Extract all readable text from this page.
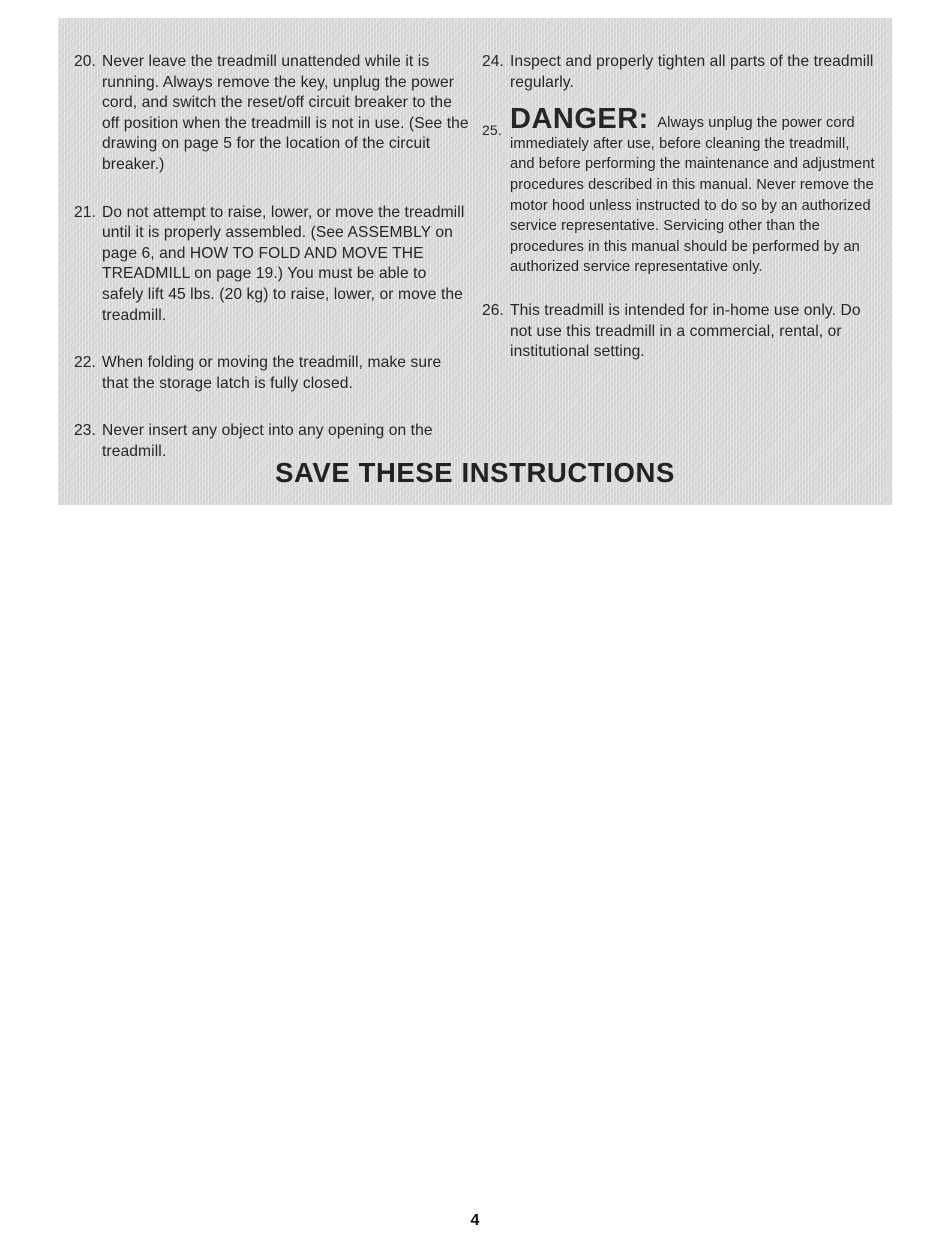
20. Never leave the treadmill unattended while it is running. Always remove the key, unplug the power cord, and switch the reset/off circuit breaker to the off position when the treadmill is not in use. (See the drawing on page 5 for the location of the circuit breaker.)
21. Do not attempt to raise, lower, or move the treadmill until it is properly assembled. (See ASSEMBLY on page 6, and HOW TO FOLD AND MOVE THE TREADMILL on page 19.) You must be able to safely lift 45 lbs. (20 kg) to raise, lower, or move the treadmill.
22. When folding or moving the treadmill, make sure that the storage latch is fully closed.
23. Never insert any object into any opening on the treadmill.
24. Inspect and properly tighten all parts of the treadmill regularly.
25. DANGER: Always unplug the power cord immediately after use, before cleaning the treadmill, and before performing the maintenance and adjustment procedures described in this manual. Never remove the motor hood unless instructed to do so by an authorized service representative. Servicing other than the procedures in this manual should be performed by an authorized service representative only.
26. This treadmill is intended for in-home use only. Do not use this treadmill in a commercial, rental, or institutional setting.
SAVE THESE INSTRUCTIONS
4
